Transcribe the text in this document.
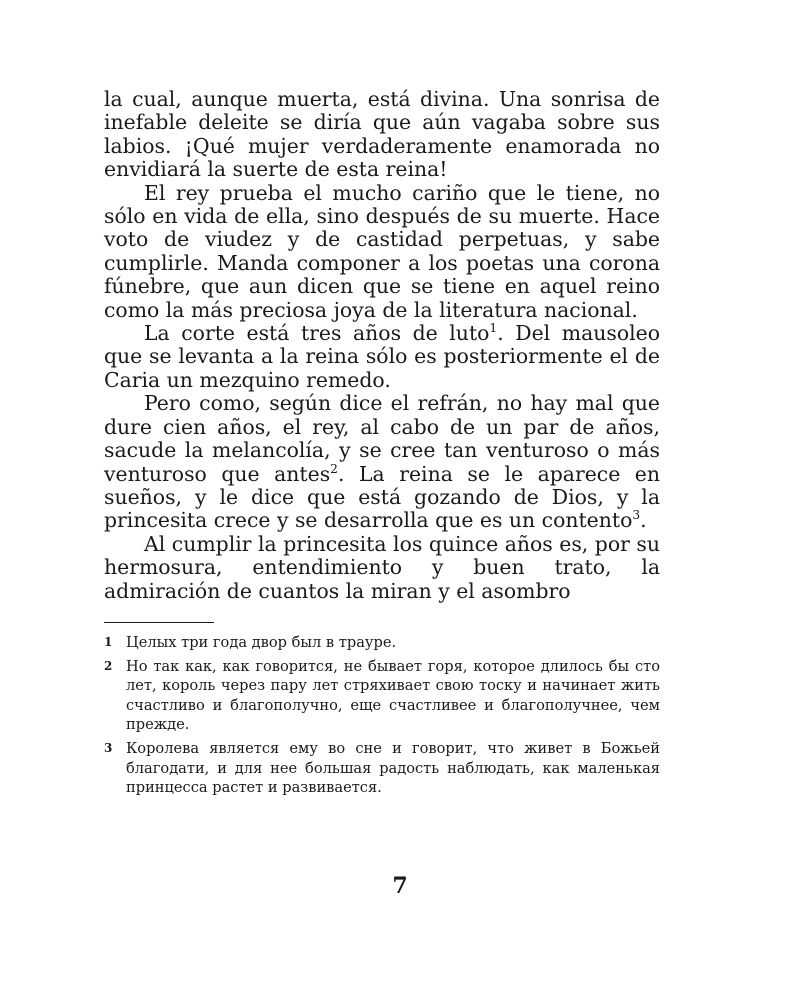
la cual, aunque muerta, está divina. Una sonrisa de inefable deleite se diría que aún vagaba sobre sus labios. ¡Qué mujer verdaderamente enamorada no envidiará la suerte de esta reina!

El rey prueba el mucho cariño que le tiene, no sólo en vida de ella, sino después de su muerte. Hace voto de viudez y de castidad perpetuas, y sabe cumplirle. Manda componer a los poetas una corona fúnebre, que aun dicen que se tiene en aquel reino como la más preciosa joya de la literatura nacional.

La corte está tres años de luto$^1$. Del mausoleo que se levanta a la reina sólo es posteriormente el de Caria un mezquino remedo.

Pero como, según dice el refrán, no hay mal que dure cien años, el rey, al cabo de un par de años, sacude la melancolía, y se cree tan venturoso o más venturoso que antes$^2$. La reina se le aparece en sueños, y le dice que está gozando de Dios, y la princesita crece y se desarrolla que es un contento$^3$.

Al cumplir la princesita los quince años es, por su hermosura, entendimiento y buen trato, la admiración de cuantos la miran y el asombro

1 Целых три года двор был в трауре.
2 Но так как, как говорится, не бывает горя, которое длилось бы сто лет, король через пару лет стряхивает свою тоску и начинает жить счастливо и благополучно, еще счастливее и благополучнее, чем прежде.
3 Королева является ему во сне и говорит, что живет в Божьей благодати, и для нее большая радость наблюдать, как маленькая принцесса растет и развивается.
7
